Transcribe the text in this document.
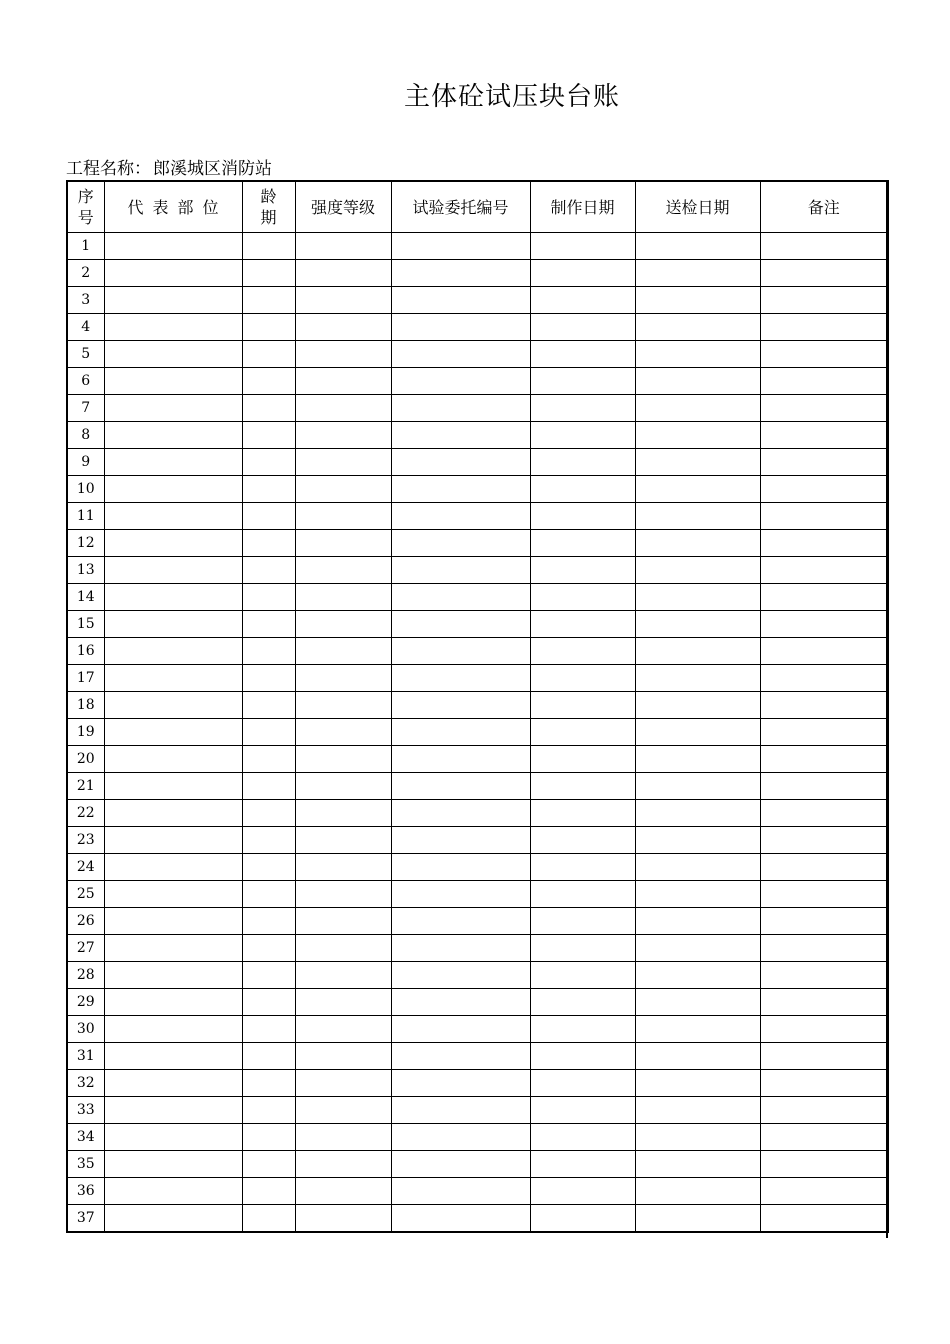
主体砼试压块台账
工程名称： 郎溪城区消防站
序号	代表部位	龄期	强度等级	试验委托编号	制作日期	送检日期	备注
1							
2							
3							
4							
5							
6							
7							
8							
9							
10							
11							
12							
13							
14							
15							
16							
17							
18							
19							
20							
21							
22							
23							
24							
25							
26							
27							
28							
29							
30							
31							
32							
33							
34							
35							
36							
37							
